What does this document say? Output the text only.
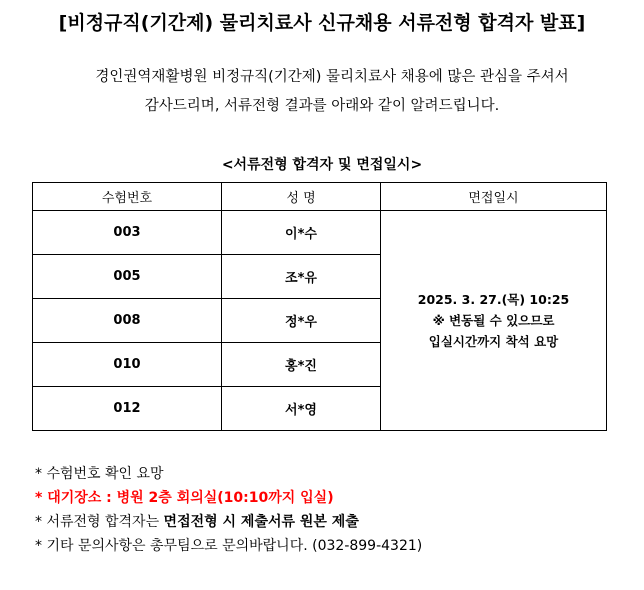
[비정규직(기간제) 물리치료사 신규채용 서류전형 합격자 발표]
경인권역재활병원 비정규직(기간제) 물리치료사 채용에 많은 관심을 주셔서
감사드리며, 서류전형 결과를 아래와 같이 알려드립니다.
<서류전형 합격자 및 면접일시>
수험번호	성 명	면접일시
003	이*수	2025. 3. 27.(목) 10:25
※ 변동될 수 있으므로
입실시간까지 착석 요망

005	조*유	
008	정*우	
010	홍*진	
012	서*영	
* 수험번호 확인 요망
* 대기장소 : 병원 2층 회의실(10:10까지 입실)
* 서류전형 합격자는 면접전형 시 제출서류 원본 제출
* 기타 문의사항은 총무팀으로 문의바랍니다. (032-899-4321)
